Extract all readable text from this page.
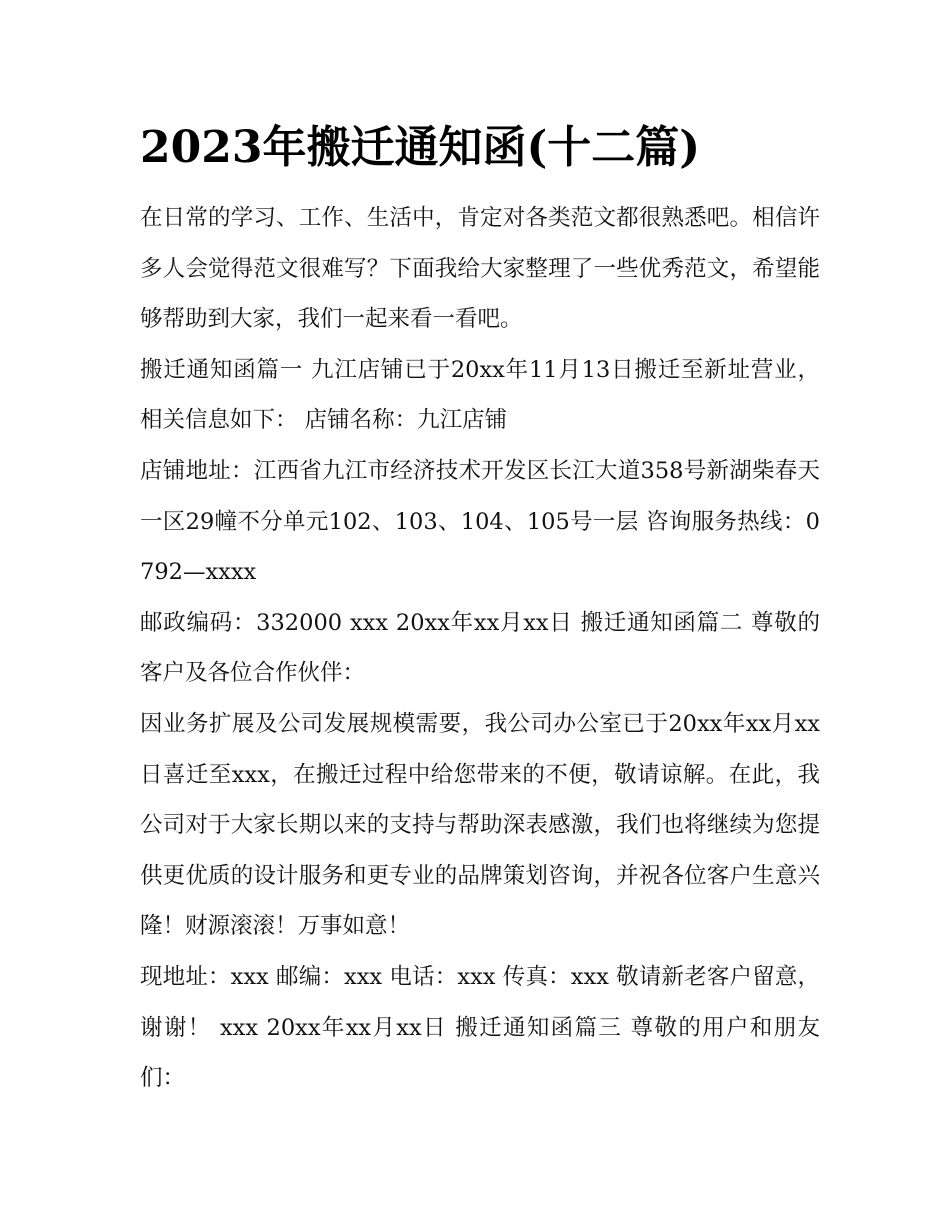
2023年搬迁通知函(十二篇)

在日常的学习、工作、生活中，肯定对各类范文都很熟悉吧。相信许多人会觉得范文很难写？下面我给大家整理了一些优秀范文，希望能够帮助到大家，我们一起来看一看吧。

搬迁通知函篇一 九江店铺已于20xx年11月13日搬迁至新址营业，相关信息如下： 店铺名称：九江店铺

店铺地址：江西省九江市经济技术开发区长江大道358号新湖柴春天一区29幢不分单元102、103、104、105号一层 咨询服务热线：0792—xxxx

邮政编码：332000 xxx 20xx年xx月xx日 搬迁通知函篇二 尊敬的客户及各位合作伙伴：

因业务扩展及公司发展规模需要，我公司办公室已于20xx年xx月xx日喜迁至xxx，在搬迁过程中给您带来的不便，敬请谅解。在此，我公司对于大家长期以来的支持与帮助深表感激，我们也将继续为您提供更优质的设计服务和更专业的品牌策划咨询，并祝各位客户生意兴隆！财源滚滚！万事如意！

现地址：xxx 邮编：xxx 电话：xxx 传真：xxx 敬请新老客户留意，谢谢！ xxx 20xx年xx月xx日 搬迁通知函篇三 尊敬的用户和朋友们：
